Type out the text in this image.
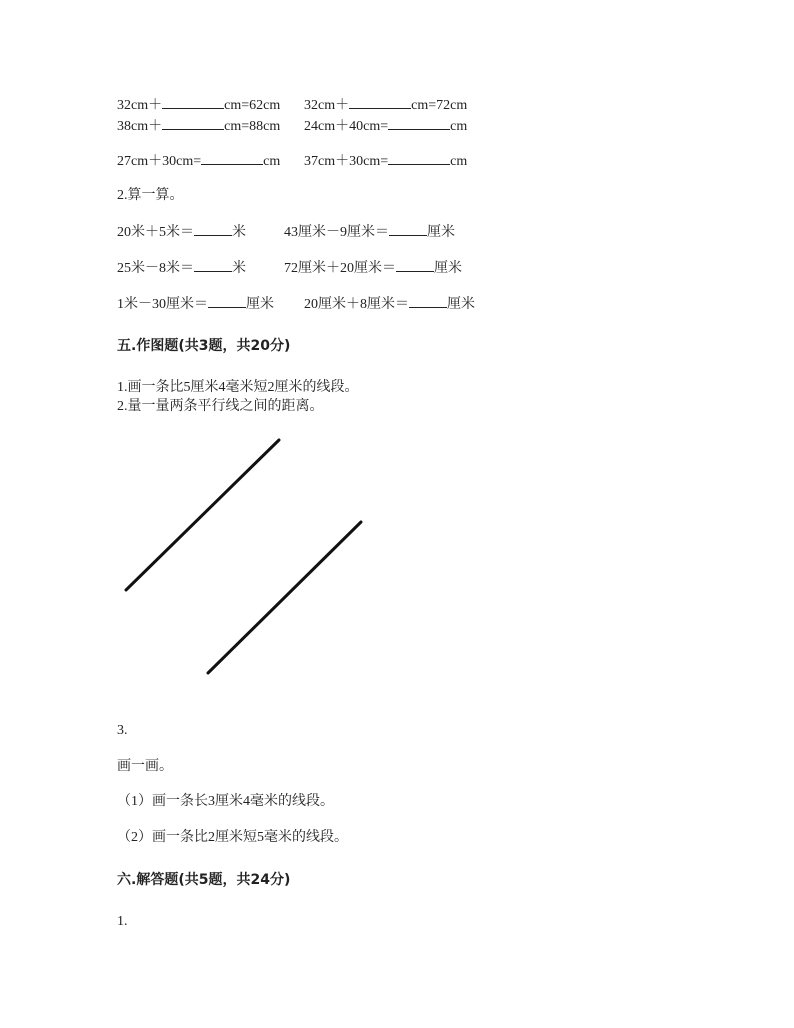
32cm＋	cm=62cm 32cm＋	cm=72cm
38cm＋	cm=88cm 24cm＋40cm=	cm
27cm＋30cm=	cm 37cm＋30cm=	cm
2.算一算。
20米＋5米＝	米	43厘米－9厘米＝	厘米
25米－8米＝	米	72厘米＋20厘米＝	厘米
1米－30厘米＝	厘米 20厘米＋8厘米＝	厘米
五.作图题(共3题，共20分)
1.画一条比5厘米4毫米短2厘米的线段。
2.量一量两条平行线之间的距离。
3.
画一画。
（1）画一条长3厘米4毫米的线段。
（2）画一条比2厘米短5毫米的线段。
六.解答题(共5题，共24分)
1.
